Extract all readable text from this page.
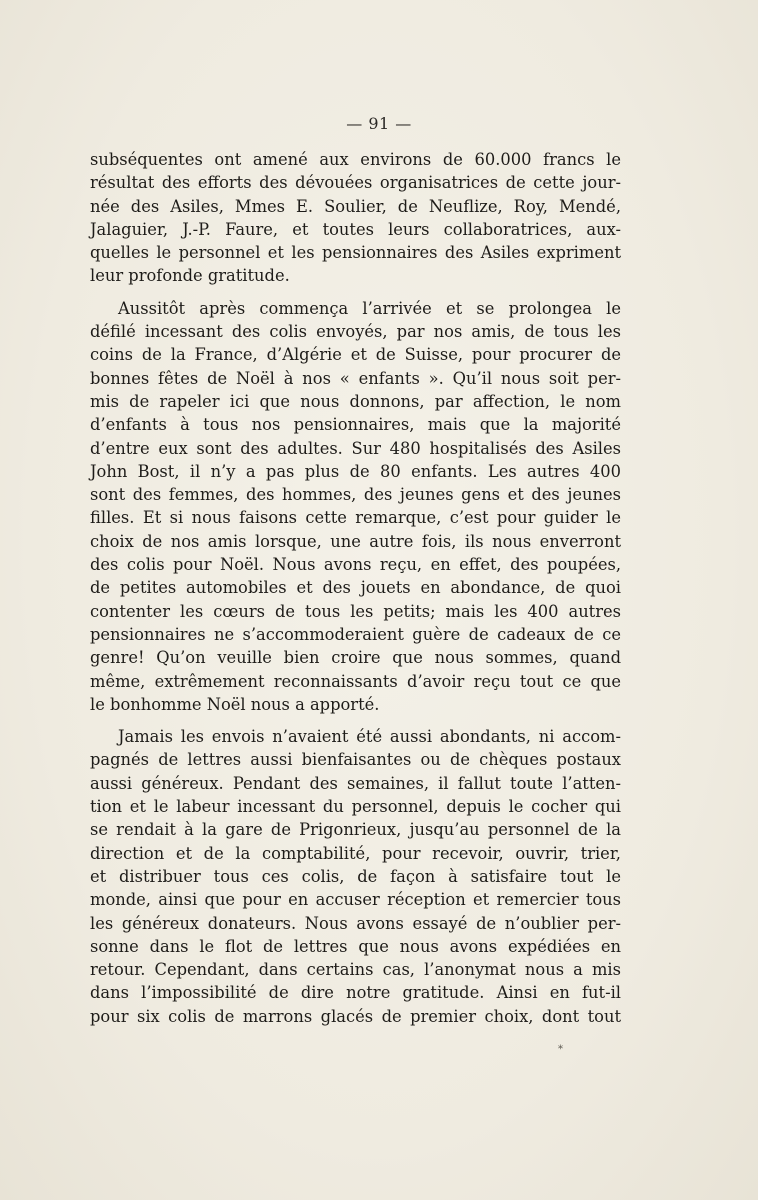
— 91 —
subséquentes ont amené aux environs de 60.000 francs le
résultat des efforts des dévouées organisatrices de cette jour-
née des Asiles, Mmes E. Soulier, de Neuflize, Roy, Mendé,
Jalaguier, J.-P. Faure, et toutes leurs collaboratrices, aux-
quelles le personnel et les pensionnaires des Asiles expriment
leur profonde gratitude.
Aussitôt après commença l’arrivée et se prolongea le
défilé incessant des colis envoyés, par nos amis, de tous les
coins de la France, d’Algérie et de Suisse, pour procurer de
bonnes fêtes de Noël à nos « enfants ». Qu’il nous soit per-
mis de rapeler ici que nous donnons, par affection, le nom
d’enfants à tous nos pensionnaires, mais que la majorité
d’entre eux sont des adultes. Sur 480 hospitalisés des Asiles
John Bost, il n’y a pas plus de 80 enfants. Les autres 400
sont des femmes, des hommes, des jeunes gens et des jeunes
filles. Et si nous faisons cette remarque, c’est pour guider le
choix de nos amis lorsque, une autre fois, ils nous enverront
des colis pour Noël. Nous avons reçu, en effet, des poupées,
de petites automobiles et des jouets en abondance, de quoi
contenter les cœurs de tous les petits; mais les 400 autres
pensionnaires ne s’accommoderaient guère de cadeaux de ce
genre! Qu’on veuille bien croire que nous sommes, quand
même, extrêmement reconnaissants d’avoir reçu tout ce que
le bonhomme Noël nous a apporté.
Jamais les envois n’avaient été aussi abondants, ni accom-
pagnés de lettres aussi bienfaisantes ou de chèques postaux
aussi généreux. Pendant des semaines, il fallut toute l’atten-
tion et le labeur incessant du personnel, depuis le cocher qui
se rendait à la gare de Prigonrieux, jusqu’au personnel de la
direction et de la comptabilité, pour recevoir, ouvrir, trier,
et distribuer tous ces colis, de façon à satisfaire tout le
monde, ainsi que pour en accuser réception et remercier tous
les généreux donateurs. Nous avons essayé de n’oublier per-
sonne dans le flot de lettres que nous avons expédiées en
retour. Cependant, dans certains cas, l’anonymat nous a mis
dans l’impossibilité de dire notre gratitude. Ainsi en fut-il
pour six colis de marrons glacés de premier choix, dont tout
*
